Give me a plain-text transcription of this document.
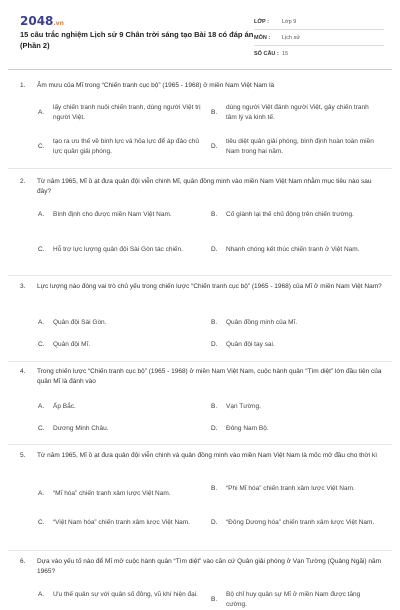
2048.vn
15 câu trắc nghiệm Lịch sử 9 Chân trời sáng tạo Bài 18 có đáp án (Phần 2)
LỚP :	Lớp 9
MÔN :	Lịch sử
SỐ CÂU : 15
1.	Âm mưu của Mĩ trong “Chiến tranh cục bộ” (1965 - 1968) ở miền Nam Việt Nam là
A.
lấy chiến tranh nuôi chiến tranh, dùng người Việt trị người Việt.
B.
dùng người Việt đánh người Việt, gây chiến tranh tâm lý và kinh tế.
C.
tạo ra ưu thế về binh lực và hỏa lực để áp đảo chủ lực quân giải phóng.
D.
tiêu diệt quân giải phóng, bình định hoàn toàn miền Nam trong hai năm.
2.	Từ năm 1965, Mĩ ồ ạt đưa quân đội viễn chinh Mĩ, quân đồng minh vào miền Nam Việt Nam nhằm mục tiêu nào sau đây?
A.	Bình định cho được miền Nam Việt Nam.	B.	Cố gìành lại thế chủ động trên chiến trường.
C.	Hỗ trợ lực lượng quân đội Sài Gòn tác chiến.	D.	Nhanh chóng kết thúc chiến tranh ở Việt Nam.
3.	Lực lượng nào đóng vai trò chủ yếu trong chiến lược “Chiến tranh cục bộ” (1965 - 1968) của Mĩ ở miền Nam Việt Nam?
A.	Quân đội Sài Gòn.	B.	Quân đồng minh của Mĩ.
C.	Quân đội Mĩ.	D.	Quân đội tay sai.
4.	Trong chiến lược “Chiến tranh cục bộ” (1965 - 1968) ở miền Nam Việt Nam, cuộc hành quân “Tìm diệt” lớn đầu tiên của quân Mĩ là đánh vào
A.	Ấp Bắc.	B.	Vạn Tường.
C.	Dương Minh Châu.	D.	Đông Nam Bộ.
5.	Từ năm 1965, Mĩ ồ ạt đưa quân đội viễn chinh và quân đồng minh vào miền Nam Việt Nam là mốc mở đầu cho thời kì
A.	“Mĩ hóa” chiến tranh xâm lược Việt Nam.
B.	“Phi Mĩ hóa” chiến tranh xâm lược Việt Nam.
C.	“Việt Nam hóa” chiến tranh xâm lược Việt Nam.	D.	“Đông Dương hóa” chiến tranh xâm lược Việt Nam.
6.	Dựa vào yếu tố nào để Mĩ mở cuộc hành quân “Tìm diệt” vào căn cứ Quân giải phóng ở Vạn Tường (Quảng Ngãi) năm 1965?
A.	Ưu thế quân sự với quân số đông, vũ khí hiện đại.
B.
Bộ chỉ huy quân sự Mĩ ở miền Nam được tăng cường.
